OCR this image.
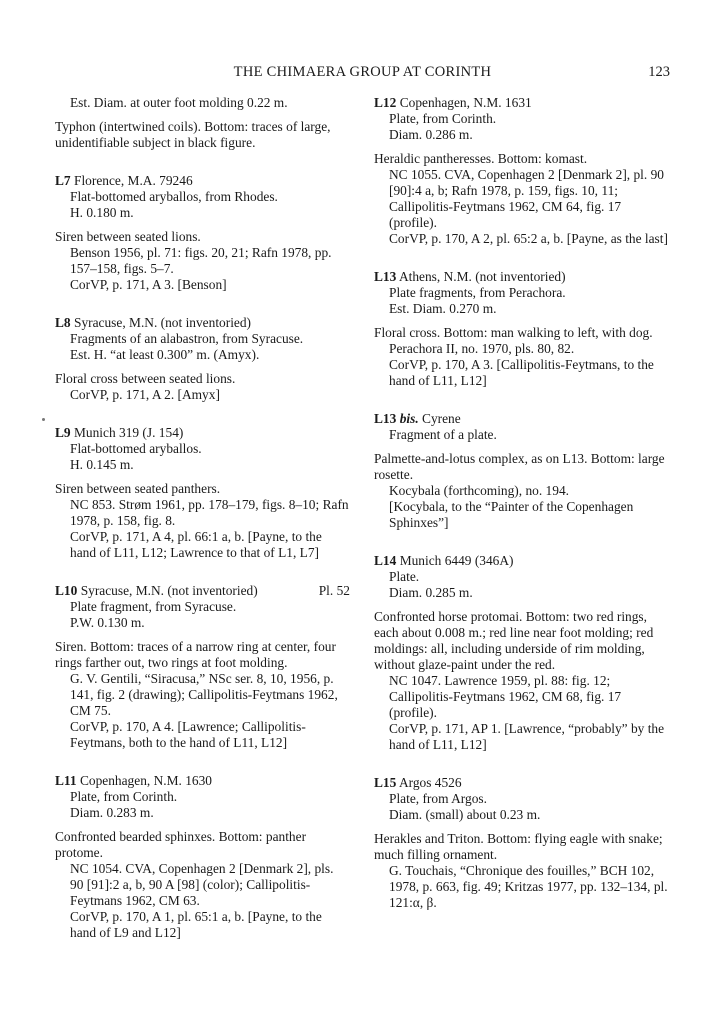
THE CHIMAERA GROUP AT CORINTH	123

Est. Diam. at outer foot molding 0.22 m.

Typhon (intertwined coils). Bottom: traces of large, unidentifiable subject in black figure.

L7 Florence, M.A. 79246

Flat-bottomed aryballos, from Rhodes.

H. 0.180 m.

Siren between seated lions.

Benson 1956, pl. 71: figs. 20, 21; Rafn 1978, pp. 157–158, figs. 5–7.

CorVP, p. 171, A 3. [Benson]

L8 Syracuse, M.N. (not inventoried)

Fragments of an alabastron, from Syracuse.

Est. H. “at least 0.300” m. (Amyx).

Floral cross between seated lions.

CorVP, p. 171, A 2. [Amyx]

L9 Munich 319 (J. 154)

Flat-bottomed aryballos.

H. 0.145 m.

Siren between seated panthers.

NC 853. Strøm 1961, pp. 178–179, figs. 8–10; Rafn 1978, p. 158, fig. 8.

CorVP, p. 171, A 4, pl. 66:1 a, b. [Payne, to the hand of L11, L12; Lawrence to that of L1, L7]

L10 Syracuse, M.N. (not inventoried)	Pl. 52

Plate fragment, from Syracuse.

P.W. 0.130 m.

Siren. Bottom: traces of a narrow ring at center, four rings farther out, two rings at foot molding.

G. V. Gentili, “Siracusa,” NSc ser. 8, 10, 1956, p. 141, fig. 2 (drawing); Callipolitis-Feytmans 1962, CM 75.

CorVP, p. 170, A 4. [Lawrence; Callipolitis-Feytmans, both to the hand of L11, L12]

L11 Copenhagen, N.M. 1630

Plate, from Corinth.

Diam. 0.283 m.

Confronted bearded sphinxes. Bottom: panther protome.

NC 1054. CVA, Copenhagen 2 [Denmark 2], pls. 90 [91]:2 a, b, 90 A [98] (color); Callipolitis-Feytmans 1962, CM 63.

CorVP, p. 170, A 1, pl. 65:1 a, b. [Payne, to the hand of L9 and L12]

L12 Copenhagen, N.M. 1631

Plate, from Corinth.

Diam. 0.286 m.

Heraldic pantheresses. Bottom: komast.

NC 1055. CVA, Copenhagen 2 [Denmark 2], pl. 90 [90]:4 a, b; Rafn 1978, p. 159, figs. 10, 11; Callipolitis-Feytmans 1962, CM 64, fig. 17 (profile).

CorVP, p. 170, A 2, pl. 65:2 a, b. [Payne, as the last]

L13 Athens, N.M. (not inventoried)

Plate fragments, from Perachora.

Est. Diam. 0.270 m.

Floral cross. Bottom: man walking to left, with dog.

Perachora II, no. 1970, pls. 80, 82.

CorVP, p. 170, A 3. [Callipolitis-Feytmans, to the hand of L11, L12]

L13 bis. Cyrene

Fragment of a plate.

Palmette-and-lotus complex, as on L13. Bottom: large rosette.

Kocybala (forthcoming), no. 194.

[Kocybala, to the “Painter of the Copenhagen Sphinxes”]

L14 Munich 6449 (346A)

Plate.

Diam. 0.285 m.

Confronted horse protomai. Bottom: two red rings, each about 0.008 m.; red line near foot molding; red moldings: all, including underside of rim molding, without glaze-paint under the red.

NC 1047. Lawrence 1959, pl. 88: fig. 12; Callipolitis-Feytmans 1962, CM 68, fig. 17 (profile).

CorVP, p. 171, AP 1. [Lawrence, “probably” by the hand of L11, L12]

L15 Argos 4526

Plate, from Argos.

Diam. (small) about 0.23 m.

Herakles and Triton. Bottom: flying eagle with snake; much filling ornament.

G. Touchais, “Chronique des fouilles,” BCH 102, 1978, p. 663, fig. 49; Kritzas 1977, pp. 132–134, pl. 121:α, β.
